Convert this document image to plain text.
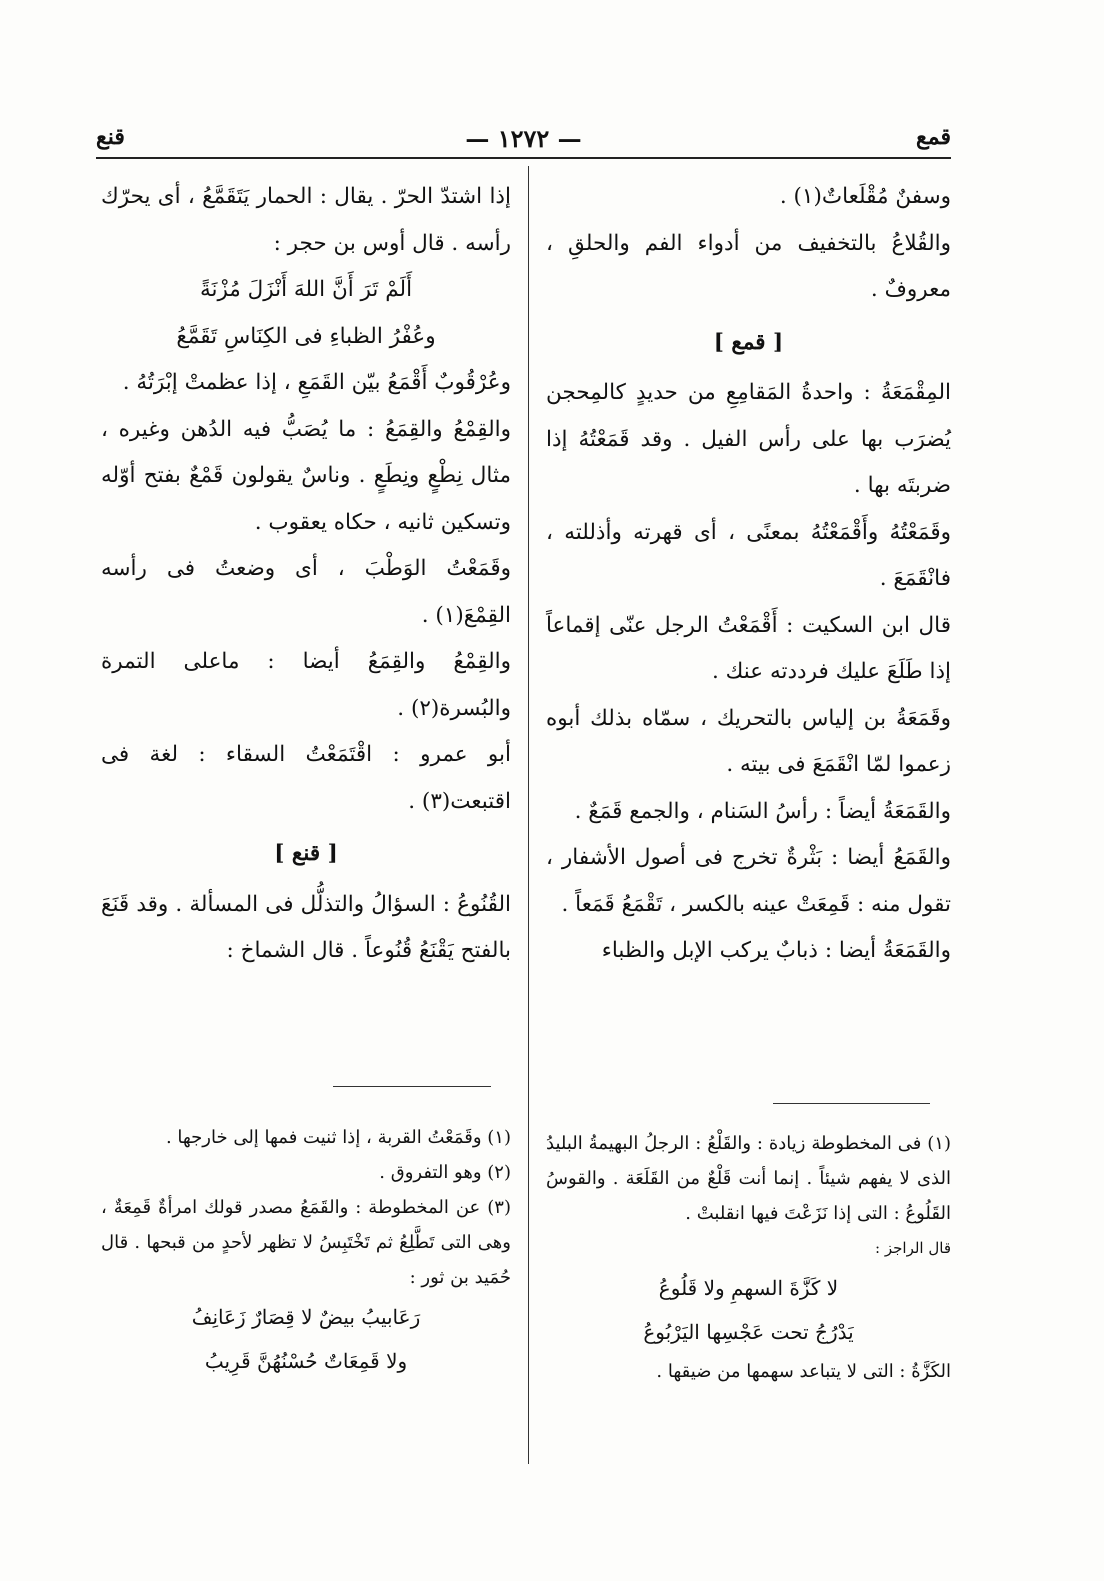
قمع
— ١٢٧٢ —
قنع

وسفنٌ مُقْلَعاتٌ(١) .

والقُلاعُ بالتخفيف من أدواء الفم والحلقِ ، معروفٌ .

[ قمع ]

المِقْمَعَةُ : واحدةُ المَقامِعِ من حديدٍ كالمِحجن يُضرَب بها على رأس الفيل . وقد قَمَعْتُهُ إذا ضربتَه بها .

وقَمَعْتُهُ وأَقْمَعْتُهُ بمعنًى ، أى قهرته وأذللته ، فانْقَمَعَ .

قال ابن السكيت : أَقْمَعْتُ الرجل عنّى إقماعاً إذا طَلَعَ عليك فرددته عنك .

وقَمَعَةُ بن إلياس بالتحريك ، سمّاه بذلك أبوه زعموا لمّا انْقَمَعَ فى بيته .

والقَمَعَةُ أيضاً : رأسُ السَنام ، والجمع قَمَعٌ .

والقَمَعُ أيضا : بَثْرةٌ تخرج فى أصول الأشفار ، تقول منه : قَمِعَتْ عينه بالكسر ، تَقْمَعُ قَمَعاً .

والقَمَعَةُ أيضا : ذبابٌ يركب الإبل والظباء

إذا اشتدّ الحرّ . يقال : الحمار يَتَقَمَّعُ ، أى يحرّك رأسه . قال أوس بن حجر :

أَلَمْ تَرَ أَنَّ اللهَ أَنْزَلَ مُزْنَةً

وعُفْرُ الظباءِ فى الكِنَاسِ تَقَمَّعُ

وعُرْقُوبٌ أَقْمَعُ بيّن القَمَعِ ، إذا عظمتْ إبْرَتُهُ .

والقِمْعُ والقِمَعُ : ما يُصَبُّ فيه الدُهن وغيره ، مثال نِطْعٍ ونِطَعٍ . وناسٌ يقولون قَمْعٌ بفتح أوّله وتسكين ثانيه ، حكاه يعقوب .

وقَمَعْتُ الوَطْبَ ، أى وضعتُ فى رأسه القِمْعَ(١) .

والقِمْعُ والقِمَعُ أيضا : ماعلى التمرة والبُسرة(٢) .

أبو عمرو : اقْتَمَعْتُ السقاء : لغة فى اقتبعت(٣) .

[ قنع ]

القُنُوعُ : السؤالُ والتذلُّل فى المسألة . وقد قَنَعَ بالفتح يَقْنَعُ قُنُوعاً . قال الشماخ :

(١) فى المخطوطة زيادة : والقَلْعُ : الرجلُ البهيمةُ البليدُ الذى لا يفهم شيئاً . إنما أنت قَلْعٌ من القَلَعَة . والقوسُ القَلُوعُ : التى إذا نَزَعْتَ فيها انقلبتْ .

قال الراجز :

لا كَزَّةَ السهمِ ولا قَلُوعُ

يَدْرُجُ تحت عَجْسِها اليَرْبُوعُ

الكَزَّةُ : التى لا يتباعد سهمها من ضيقها .

(١) وقَمَعْتُ القربة ، إذا ثنيت فمها إلى خارجها .

(٢) وهو التفروق .

(٣) عن المخطوطة : والقَمَعُ مصدر قولك امرأةٌ قَمِعَةٌ ، وهى التى تَطَّلِعُ ثم تَخْتَبِسُ لا تظهر لأحدٍ من قبحها . قال حُمَيد بن ثور :

رَعَابيبُ بيضٌ لا قِصَارٌ زَعَانِفُ

ولا قَمِعَاتٌ حُسْنُهُنَّ قَرِيبُ
